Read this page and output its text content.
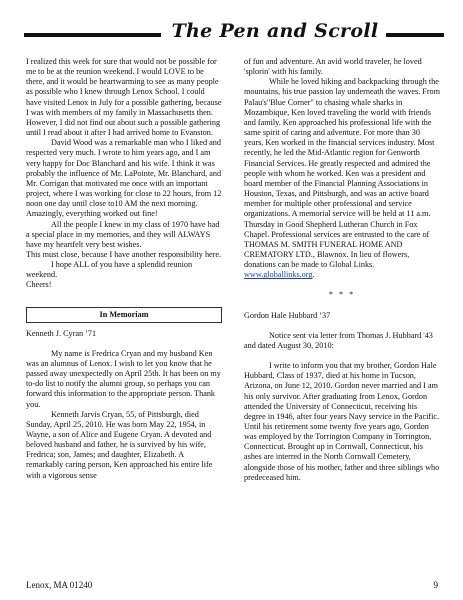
The Pen and Scroll

I realized this week for sure that would not be possible for me to be at the reunion weekend. I would LOVE to be there, and it would be heartwarming to see as many people as possible who I knew through Lenox School. I could have visited Lenox in July for a possible gathering, because I was with members of my family in Massachusetts then. However, I did not find out about such a possible gathering until I read about it after I had arrived home to Evanston.

David Wood was a remarkable man who I liked and respected very much. I wrote to him years ago, and I am very happy for Doc Blanchard and his wife. I think it was probably the influence of Mr. LaPointe, Mr. Blanchard, and Mr. Corrigan that motivated me once with an important project, where I was working for close to 22 hours, from 12 noon one day until close to10 AM the next morning. Amazingly, everything worked out fine!

All the people I knew in my class of 1970 have had a special place in my memories, and they will ALWAYS have my heartfelt very best wishes.

This must close, because I have another responsibility here.

I hope ALL of you have a splendid reunion weekend.

Cheers!

In Memoriam

Kenneth J. Cyran ’71

My name is Fredrica Cryan and my husband Ken was an alumnus of Lenox. I wish to let you know that he passed away unexpectedly on April 25th. It has been on my to-do list to notify the alumni group, so perhaps you can forward this information to the appropriate person. Thank you.

Kenneth Jarvis Cryan, 55, of Pittsburgh, died Sunday, April 25, 2010. He was born May 22, 1954, in Wayne, a son of Alice and Eugene Cryan. A devoted and beloved husband and father, he is survived by his wife, Fredrica; son, James; and daughter, Elizabeth. A remarkably caring person, Ken approached his entire life with a vigorous sense

of fun and adventure. An avid world traveler, he loved 'splorin' with his family.

While he loved hiking and backpacking through the mountains, his true passion lay underneath the waves. From Palau's"Blue Corner" to chasing whale sharks in Mozambique, Ken loved traveling the world with friends and family. Ken approached his professional life with the same spirit of caring and adventure. For more than 30 years, Ken worked in the financial services industry. Most recently, he led the Mid-Atlantic region for Genworth Financial Services. He greatly respected and admired the people with whom he worked. Ken was a president and board member of the Financial Planning Associations in Houston, Texas, and Pittsburgh, and was an active board member for multiple other professional and service organizations. A memorial service will be held at 11 a.m. Thursday in Good Shepherd Lutheran Church in Fox Chapel. Professional services are entrusted to the care of THOMAS M. SMITH FUNERAL HOME AND CREMATORY LTD., Blawnox. In lieu of flowers, donations can be made to Global Links.

www.globallinks.org.

* * *

Gordon Hale Hubbard ’37

Notice sent via letter from Thomas J. Hubbard '43 and dated August 30, 2010:

I write to inform you that my brother, Gordon Hale Hubbard, Class of 1937, died at his home in Tucson, Arizona, on June 12, 2010. Gordon never married and I am his only survivor. After graduating from Lenox, Gordon attended the University of Connecticut, receiving his degree in 1946, after four years Navy service in the Pacific. Until his retirement some twenty five years ago, Gordon was employed by the Torrington Company in Torrington, Connecticut. Brought up in Cornwall, Connecticut, his ashes are interred in the North Cornwall Cemetery, alongside those of his mother, father and three siblings who predeceased him.

Lenox, MA 01240	9
